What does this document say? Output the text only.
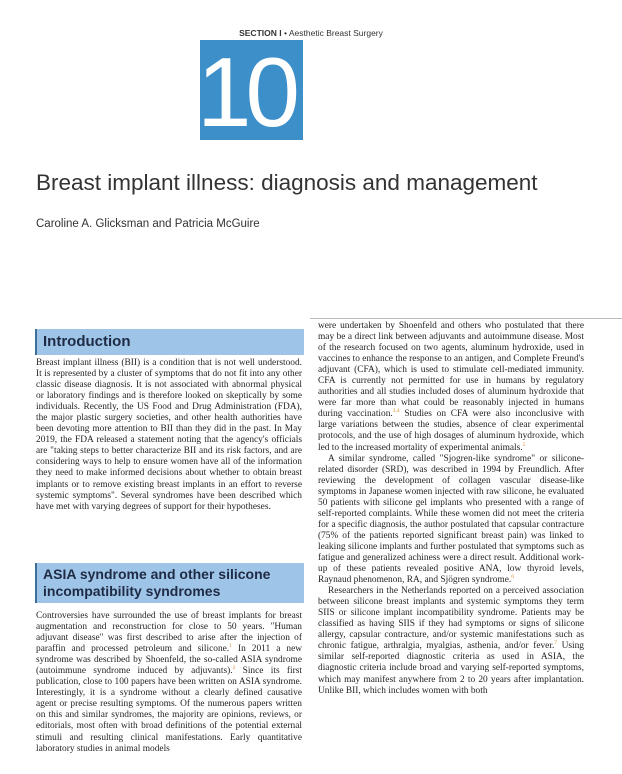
SECTION I • Aesthetic Breast Surgery
10
Breast implant illness: diagnosis and management
Caroline A. Glicksman and Patricia McGuire
Introduction

Breast implant illness (BII) is a condition that is not well understood. It is represented by a cluster of symptoms that do not fit into any other classic disease diagnosis. It is not associated with abnormal physical or laboratory findings and is therefore looked on skeptically by some individuals. Recently, the US Food and Drug Administration (FDA), the major plastic surgery societies, and other health authorities have been devoting more attention to BII than they did in the past. In May 2019, the FDA released a statement noting that the agency's officials are "taking steps to better characterize BII and its risk factors, and are considering ways to help to ensure women have all of the information they need to make informed decisions about whether to obtain breast implants or to remove existing breast implants in an effort to reverse systemic symptoms". Several syndromes have been described which have met with varying degrees of support for their hypotheses.

ASIA syndrome and other silicone incompatibility syndromes

Controversies have surrounded the use of breast implants for breast augmentation and reconstruction for close to 50 years. "Human adjuvant disease" was first described to arise after the injection of paraffin and processed petroleum and silicone.$^1$ In 2011 a new syndrome was described by Shoenfeld, the so-called ASIA syndrome (autoimmune syndrome induced by adjuvants).$^2$ Since its first publication, close to 100 papers have been written on ASIA syndrome. Interestingly, it is a syndrome without a clearly defined causative agent or precise resulting symptoms. Of the numerous papers written on this and similar syndromes, the majority are opinions, reviews, or editorials, most often with broad definitions of the potential external stimuli and resulting clinical manifestations. Early quantitative laboratory studies in animal models

were undertaken by Shoenfeld and others who postulated that there may be a direct link between adjuvants and autoimmune disease. Most of the research focused on two agents, aluminum hydroxide, used in vaccines to enhance the response to an antigen, and Complete Freund's adjuvant (CFA), which is used to stimulate cell-mediated immunity. CFA is currently not permitted for use in humans by regulatory authorities and all studies included doses of aluminum hydroxide that were far more than what could be reasonably injected in humans during vaccination.$^{3,4}$ Studies on CFA were also inconclusive with large variations between the studies, absence of clear experimental protocols, and the use of high dosages of aluminum hydroxide, which led to the increased mortality of experimental animals.$^5$

A similar syndrome, called "Sjogren-like syndrome" or silicone-related disorder (SRD), was described in 1994 by Freundlich. After reviewing the development of collagen vascular disease-like symptoms in Japanese women injected with raw silicone, he evaluated 50 patients with silicone gel implants who presented with a range of self-reported complaints. While these women did not meet the criteria for a specific diagnosis, the author postulated that capsular contracture (75% of the patients reported significant breast pain) was linked to leaking silicone implants and further postulated that symptoms such as fatigue and generalized achiness were a direct result. Additional work-up of these patients revealed positive ANA, low thyroid levels, Raynaud phenomenon, RA, and Sjögren syndrome.$^6$

Researchers in the Netherlands reported on a perceived association between silicone breast implants and systemic symptoms they term SIIS or silicone implant incompatibility syndrome. Patients may be classified as having SIIS if they had symptoms or signs of silicone allergy, capsular contracture, and/or systemic manifestations such as chronic fatigue, arthralgia, myalgias, asthenia, and/or fever.$^7$ Using similar self-reported diagnostic criteria as used in ASIA, the diagnostic criteria include broad and varying self-reported symptoms, which may manifest anywhere from 2 to 20 years after implantation. Unlike BII, which includes women with both
